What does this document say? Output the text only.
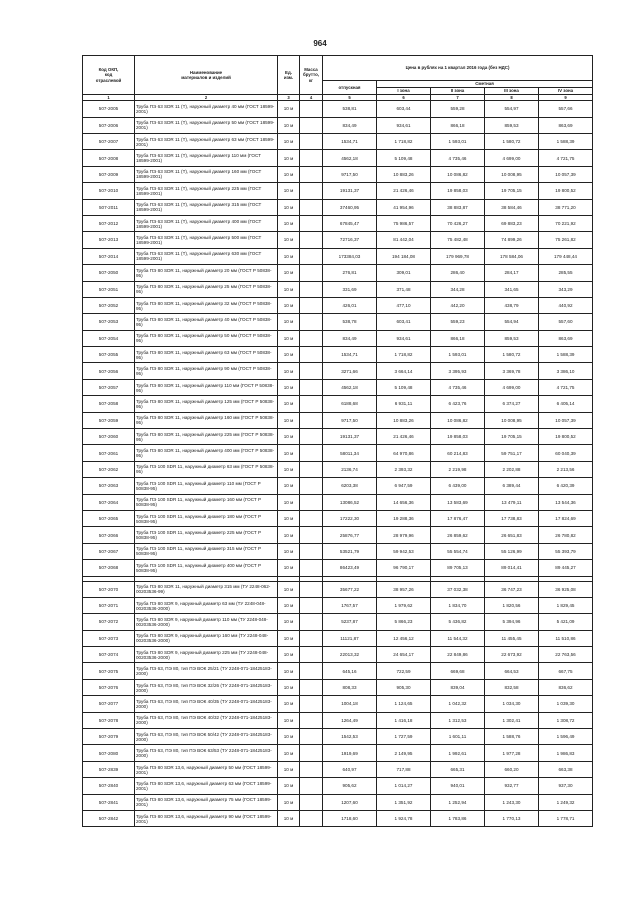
964
Код ОКП,
код
отраслевой	Наименование
материалов и изделий	Ед.
изм.	Масса
брутто,
кг	Цена в рублях на 1 квартал 2016 года (без НДС)				
				отпускная	Сметная			
					I зона	II зона	III зона	IV зона
1	2	3	4	5	6	7	8	9
507-2005	Труба ПЭ 63 SDR 11 (Т), наружный диаметр 40 мм (ГОСТ 18599-2001)	10 м		538,81	603,44	559,28	554,97	557,66
507-2006	Труба ПЭ 63 SDR 11 (Т), наружный диаметр 50 мм (ГОСТ 18599-2001)	10 м		834,49	934,61	866,18	859,53	863,69
507-2007	Труба ПЭ 63 SDR 11 (Т), наружный диаметр 63 мм (ГОСТ 18599-2001)	10 м		1534,71	1 718,82	1 593,01	1 580,72	1 588,39
507-2008	Труба ПЭ 63 SDR 11 (Т), наружный диаметр 110 мм (ГОСТ 18599-2001)	10 м		4562,18	5 109,48	4 735,46	4 699,00	4 721,75
507-2009	Труба ПЭ 63 SDR 11 (Т), наружный диаметр 160 мм (ГОСТ 18599-2001)	10 м		9717,50	10 883,26	10 086,82	10 008,95	10 057,39
507-2010	Труба ПЭ 63 SDR 11 (Т), наружный диаметр 225 мм (ГОСТ 18599-2001)	10 м		19131,37	21 426,46	19 858,03	19 705,15	19 800,52
507-2011	Труба ПЭ 63 SDR 11 (Т), наружный диаметр 315 мм (ГОСТ 18599-2001)	10 м		37460,95	41 954,96	38 883,87	38 584,46	38 771,20
507-2012	Труба ПЭ 63 SDR 11 (Т), наружный диаметр 400 мм (ГОСТ 18599-2001)	10 м		67845,47	75 986,57	70 426,27	69 883,23	70 221,92
507-2013	Труба ПЭ 63 SDR 11 (Т), наружный диаметр 500 мм (ГОСТ 18599-2001)	10 м		72716,37	81 442,04	75 482,48	74 899,26	75 261,82
507-2014	Труба ПЭ 63 SDR 11 (Т), наружный диаметр 630 мм (ГОСТ 18599-2001)	10 м		173384,03	194 184,08	179 969,78	178 584,06	179 448,44
507-2050	Труба ПЭ 80 SDR 11, наружный диаметр 20 мм (ГОСТ Р 50838-95)	10 м		276,81	309,01	286,40	284,17	285,55
507-2051	Труба ПЭ 80 SDR 11, наружный диаметр 25 мм (ГОСТ Р 50838-95)	10 м		331,69	371,48	344,28	341,65	343,29
507-2052	Труба ПЭ 80 SDR 11, наружный диаметр 32 мм (ГОСТ Р 50838-95)	10 м		426,01	477,10	442,20	438,79	440,92
507-2053	Труба ПЭ 80 SDR 11, наружный диаметр 40 мм (ГОСТ Р 50838-95)	10 м		538,78	603,41	559,23	554,94	557,60
507-2054	Труба ПЭ 80 SDR 11, наружный диаметр 50 мм (ГОСТ Р 50838-95)	10 м		834,49	934,61	866,18	859,53	863,69
507-2055	Труба ПЭ 80 SDR 11, наружный диаметр 63 мм (ГОСТ Р 50838-95)	10 м		1534,71	1 718,82	1 593,01	1 580,72	1 588,39
507-2056	Труба ПЭ 80 SDR 11, наружный диаметр 90 мм (ГОСТ Р 50838-95)	10 м		3271,66	3 664,14	3 395,93	3 369,78	3 386,10
507-2057	Труба ПЭ 80 SDR 11, наружный диаметр 110 мм (ГОСТ Р 50838-95)	10 м		4562,18	5 109,48	4 735,46	4 699,00	4 721,75
507-2058	Труба ПЭ 80 SDR 11, наружный диаметр 125 мм (ГОСТ Р 50838-95)	10 м		6188,68	6 931,11	6 423,76	6 374,27	6 405,14
507-2059	Труба ПЭ 80 SDR 11, наружный диаметр 160 мм (ГОСТ Р 50838-95)	10 м		9717,50	10 883,26	10 086,82	10 008,95	10 057,39
507-2060	Труба ПЭ 80 SDR 11, наружный диаметр 225 мм (ГОСТ Р 50838-95)	10 м		19131,37	21 426,46	19 858,03	19 705,15	19 800,52
507-2061	Труба ПЭ 80 SDR 11, наружный диаметр 400 мм (ГОСТ Р 50838-95)	10 м		58011,34	64 970,86	60 214,83	59 751,17	60 040,39
507-2062	Труба ПЭ 100 SDR 11, наружный диаметр 63 мм (ГОСТ Р 50838-95)	10 м		2136,74	2 393,32	2 219,98	2 202,88	2 213,56
507-2063	Труба ПЭ 100 SDR 11, наружный диаметр 110 мм (ГОСТ Р 50838-95)	10 м		6203,38	6 947,59	6 439,00	6 389,44	6 420,39
507-2064	Труба ПЭ 100 SDR 11, наружный диаметр 160 мм (ГОСТ Р 50838-95)	10 м		13086,52	14 656,36	13 583,69	13 479,11	13 544,36
507-2065	Труба ПЭ 100 SDR 11, наружный диаметр 180 мм (ГОСТ Р 50838-95)	10 м		17222,30	19 288,36	17 876,47	17 738,83	17 824,69
507-2066	Труба ПЭ 100 SDR 11, наружный диаметр 225 мм (ГОСТ Р 50838-95)	10 м		25876,77	28 979,96	26 859,62	26 651,83	26 780,82
507-2067	Труба ПЭ 100 SDR 11, наружный диаметр 315 мм (ГОСТ Р 50838-95)	10 м		53521,79	59 942,53	55 554,74	55 126,99	55 393,79
507-2068	Труба ПЭ 100 SDR 11, наружный диаметр 400 мм (ГОСТ Р 50838-95)	10 м		86423,49	96 790,17	89 705,13	89 014,41	89 445,27

507-2070	Труба ПЭ 80 SDR 11, наружный диаметр 315 мм (ТУ 2248-062-00203536-99)	10 м		35677,22	38 957,26	37 032,38	36 747,23	36 925,08
507-2071	Труба ПЭ 80 SDR 9, наружный диаметр 63 мм (ТУ 2248-048-00203536-2000)	10 м		1767,57	1 979,62	1 834,70	1 820,56	1 829,45
507-2072	Труба ПЭ 80 SDR 9, наружный диаметр 110 мм (ТУ 2248-048-00203536-2000)	10 м		5237,87	5 866,23	5 436,82	5 394,96	5 421,09
507-2073	Труба ПЭ 80 SDR 9, наружный диаметр 160 мм (ТУ 2248-048-00203536-2000)	10 м		11121,87	12 456,12	11 544,32	11 455,45	11 510,86
507-2074	Труба ПЭ 80 SDR 9, наружный диаметр 225 мм (ТУ 2248-048-00203536-2000)	10 м		22013,32	24 654,17	22 849,86	22 673,92	22 763,56
507-2075	Труба ПЭ 63, ПЭ 80, тип ПЭ ВОК 25/21 (ТУ 2248-071-18425183-2000)	10 м		645,16	722,59	669,68	664,53	667,75
507-2076	Труба ПЭ 63, ПЭ 80, тип ПЭ ВОК 32/26 (ТУ 2248-071-18425183-2000)	10 м		808,33	905,30	839,04	832,58	836,62
507-2077	Труба ПЭ 63, ПЭ 80, тип ПЭ ВОК 40/35 (ТУ 2248-071-18425183-2000)	10 м		1004,18	1 124,65	1 042,32	1 034,30	1 039,30
507-2078	Труба ПЭ 63, ПЭ 80, тип ПЭ ВОК 40/32 (ТУ 2248-071-18425183-2000)	10 м		1264,49	1 416,18	1 312,53	1 302,41	1 308,72
507-2079	Труба ПЭ 63, ПЭ 80, тип ПЭ ВОК 50/42 (ТУ 2248-071-18425183-2000)	10 м		1542,53	1 727,59	1 601,11	1 588,76	1 596,49
507-2080	Труба ПЭ 63, ПЭ 80, тип ПЭ ВОК 63/53 (ТУ 2248-071-18425183-2000)	10 м		1919,69	2 149,95	1 992,61	1 977,28	1 986,83
507-2839	Труба ПЭ 80 SDR 13,6, наружный диаметр 50 мм (ГОСТ 18599-2001)	10 м		640,97	717,88	665,31	660,20	663,38
507-2840	Труба ПЭ 80 SDR 13,6, наружный диаметр 63 мм (ГОСТ 18599-2001)	10 м		905,62	1 014,27	940,01	932,77	937,30
507-2841	Труба ПЭ 80 SDR 13,6, наружный диаметр 75 мм (ГОСТ 18599-2001)	10 м		1207,60	1 351,92	1 252,94	1 243,30	1 249,32
507-2842	Труба ПЭ 80 SDR 13,6, наружный диаметр 90 мм (ГОСТ 18599-2001)	10 м		1718,60	1 924,78	1 783,86	1 770,13	1 778,71
